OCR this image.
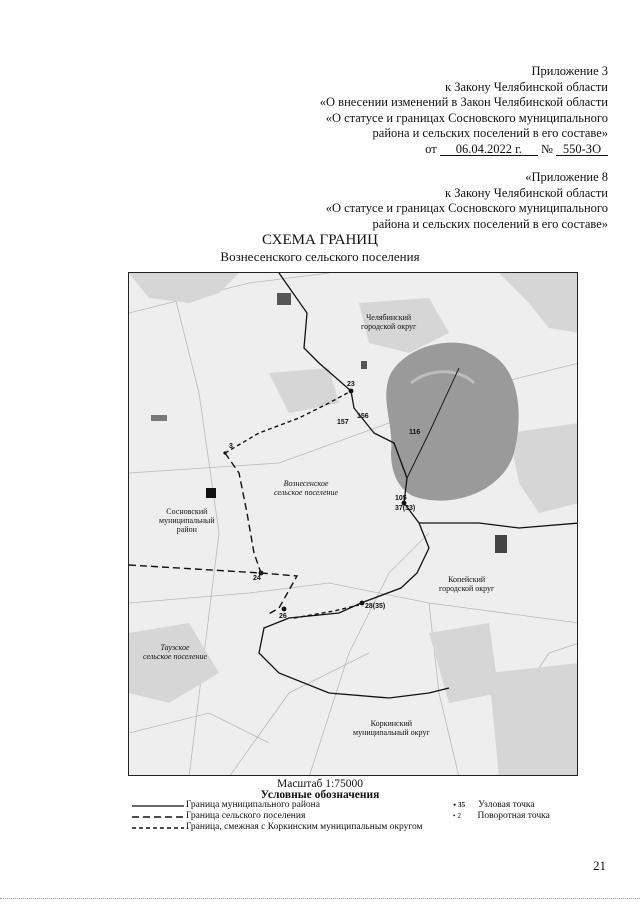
Приложение 3
к Закону Челябинской области
«О внесении изменений в Закон Челябинской области
«О статусе и границах Сосновского муниципального
района и сельских поселений в его составе»
от 06.04.2022 г. № 550-ЗО
«Приложение 8
к Закону Челябинской области
«О статусе и границах Сосновского муниципального
района и сельских поселений в его составе»
СХЕМА ГРАНИЦ
Вознесенского сельского поселения
Челябинский
городской округ
Вознесенское
сельское поселение
Сосновский
муниципальный
район
Копейский
городской округ
Таузское
сельское поселение
Коркинский
муниципальный округ
23
24
26
37(33)
28(35)
3
105
116
156
157
Масштаб 1:75000
Условные обозначения
Граница муниципального района
Граница сельского поселения
Граница, смежная с Коркинским муниципальным округом
• 35	Узловая точка
• 2	Поворотная точка
21
